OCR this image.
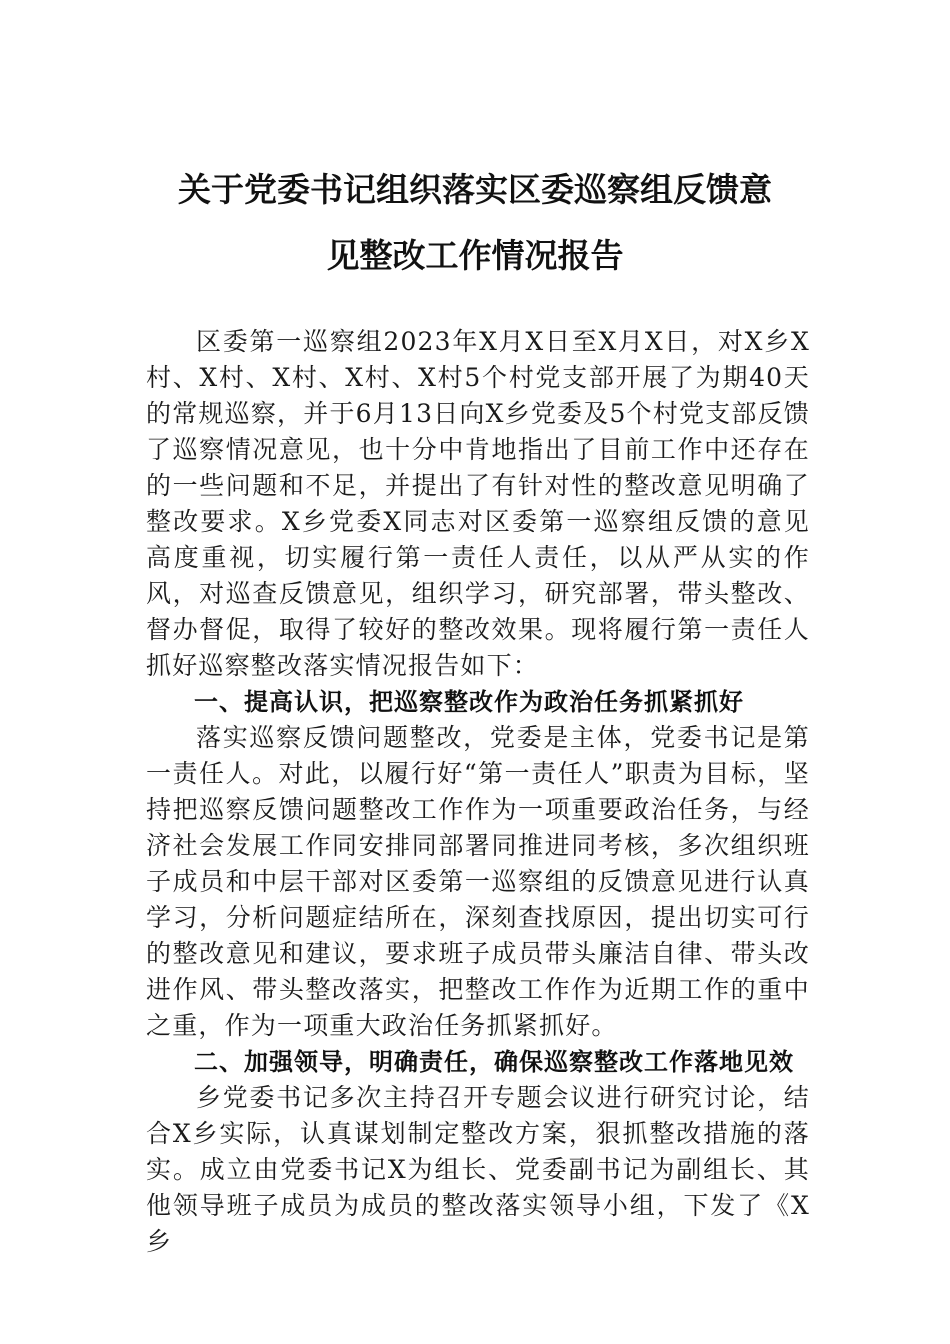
关于党委书记组织落实区委巡察组反馈意
见整改工作情况报告

区委第一巡察组2023年X月X日至X月X日，对X乡X村、X村、X村、X村、X村5个村党支部开展了为期40天的常规巡察，并于6月13日向X乡党委及5个村党支部反馈了巡察情况意见，也十分中肯地指出了目前工作中还存在的一些问题和不足，并提出了有针对性的整改意见明确了整改要求。X乡党委X同志对区委第一巡察组反馈的意见高度重视，切实履行第一责任人责任，以从严从实的作风，对巡查反馈意见，组织学习，研究部署，带头整改、督办督促，取得了较好的整改效果。现将履行第一责任人抓好巡察整改落实情况报告如下：

一、提高认识，把巡察整改作为政治任务抓紧抓好

落实巡察反馈问题整改，党委是主体，党委书记是第一责任人。对此，以履行好“第一责任人”职责为目标，坚持把巡察反馈问题整改工作作为一项重要政治任务，与经济社会发展工作同安排同部署同推进同考核，多次组织班子成员和中层干部对区委第一巡察组的反馈意见进行认真学习，分析问题症结所在，深刻查找原因，提出切实可行的整改意见和建议，要求班子成员带头廉洁自律、带头改进作风、带头整改落实，把整改工作作为近期工作的重中之重，作为一项重大政治任务抓紧抓好。

二、加强领导，明确责任，确保巡察整改工作落地见效

乡党委书记多次主持召开专题会议进行研究讨论，结合X乡实际，认真谋划制定整改方案，狠抓整改措施的落实。成立由党委书记X为组长、党委副书记为副组长、其他领导班子成员为成员的整改落实领导小组，下发了《X乡
